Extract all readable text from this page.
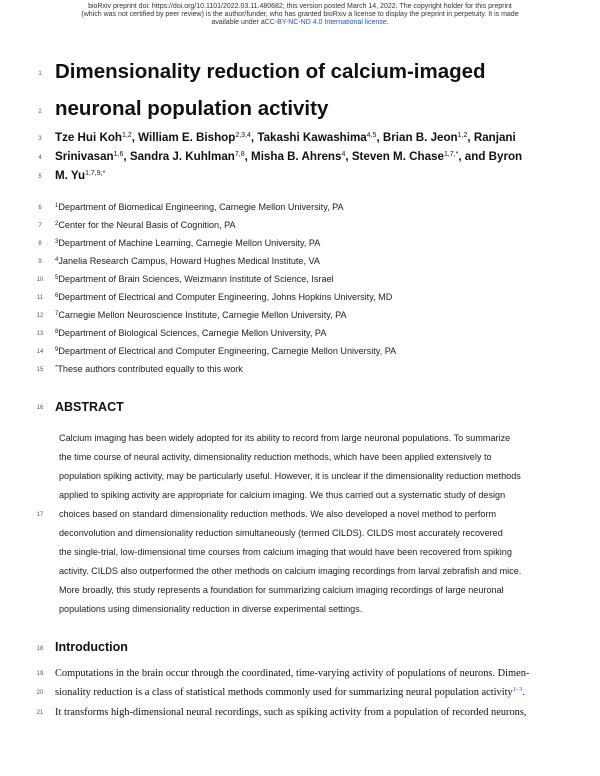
bioRxiv preprint doi: https://doi.org/10.1101/2022.03.11.480682; this version posted March 14, 2022. The copyright holder for this preprint
(which was not certified by peer review) is the author/funder, who has granted bioRxiv a license to display the preprint in perpetuity. It is made
available under aCC-BY-NC-ND 4.0 International license.
1
2
3
4
5
6
7
8
9
10
11
12
13
14
15
16
17
18
19
20
21
Dimensionality reduction of calcium-imaged
neuronal population activity
Tze Hui Koh$^{1,2}$, William E. Bishop$^{2,3,4}$, Takashi Kawashima$^{4,5}$, Brian B. Jeon$^{1,2}$, Ranjani
Srinivasan$^{1,6}$, Sandra J. Kuhlman$^{7,8}$, Misha B. Ahrens$^4$, Steven M. Chase$^{1,7,*}$, and Byron
M. $Yu^{1,7,9,*}$
$^1$Department of Biomedical Engineering, Carnegie Mellon University, PA
$^2$Center for the Neural Basis of Cognition, PA
$^3$Department of Machine Learning, Carnegie Mellon University, PA
$^4$Janelia Research Campus, Howard Hughes Medical Institute, VA
$^5$Department of Brain Sciences, Weizmann Institute of Science, Israel
$^6$Department of Electrical and Computer Engineering, Johns Hopkins University, MD
$^7$Carnegie Mellon Neuroscience Institute, Carnegie Mellon University, PA
$^8$Department of Biological Sciences, Carnegie Mellon University, PA
$^9$Department of Electrical and Computer Engineering, Carnegie Mellon University, PA
*These authors contributed equally to this work
ABSTRACT
Calcium imaging has been widely adopted for its ability to record from large neuronal populations. To summarize
the time course of neural activity, dimensionality reduction methods, which have been applied extensively to
population spiking activity, may be particularly useful. However, it is unclear if the dimensionality reduction methods
applied to spiking activity are appropriate for calcium imaging. We thus carried out a systematic study of design
choices based on standard dimensionality reduction methods. We also developed a novel method to perform
deconvolution and dimensionality reduction simultaneously (termed CILDS). CILDS most accurately recovered
the single-trial, low-dimensional time courses from calcium imaging that would have been recovered from spiking
activity. CILDS also outperformed the other methods on calcium imaging recordings from larval zebrafish and mice.
More broadly, this study represents a foundation for summarizing calcium imaging recordings of large neuronal
populations using dimensionality reduction in diverse experimental settings.
Introduction
Computations in the brain occur through the coordinated, time-varying activity of populations of neurons. Dimen-
sionality reduction is a class of statistical methods commonly used for summarizing neural population activity$^{1-3}$.
It transforms high-dimensional neural recordings, such as spiking activity from a population of recorded neurons,
